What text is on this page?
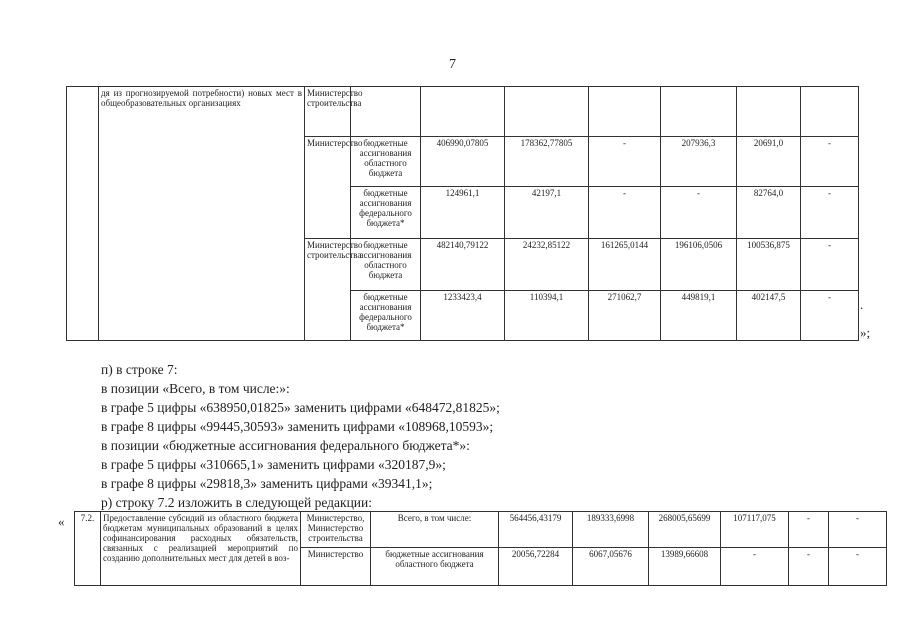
7
	дя из прогнозируемой потребности) новых мест в общеобразовательных организациях	Министерство строительства							
		Министерство	бюджетные ассигнования областного бюджета	406990,07805	178362,77805	-	207936,3	20691,0	-
			бюджетные ассигнования федерального бюджета*	124961,1	42197,1	-	-	82764,0	-
		Министерство строительства	бюджетные ассигнования областного бюджета	482140,79122	24232,85122	161265,0144	196106,0506	100536,875	-
			бюджетные ассигнования федерального бюджета*	1233423,4	110394,1	271062,7	449819,1	402147,5	- .
»;

п) в строке 7:

в позиции «Всего, в том числе:»:

в графе 5 цифры «638950,01825» заменить цифрами «648472,81825»;

в графе 8 цифры «99445,30593» заменить цифрами «108968,10593»;

в позиции «бюджетные ассигнования федерального бюджета*»:

в графе 5 цифры «310665,1» заменить цифрами «320187,9»;

в графе 8 цифры «29818,3» заменить цифрами «39341,1»;

р) строку 7.2 изложить в следующей редакции:

« 7.2.	Предоставление субсидий из областного бюджета бюджетам муниципальных образований в целях софинансирования расходных обязательств, связанных с реализацией мероприятий по созданию дополнительных мест для детей в воз-	Министерство, Министерство строительства	Всего, в том числе:	564456,43179	189333,6998	268005,65699	107117,075	-	-
		Министерство	бюджетные ассигнования областного бюджета	20056,72284	6067,05676	13989,66608	-	-	-
